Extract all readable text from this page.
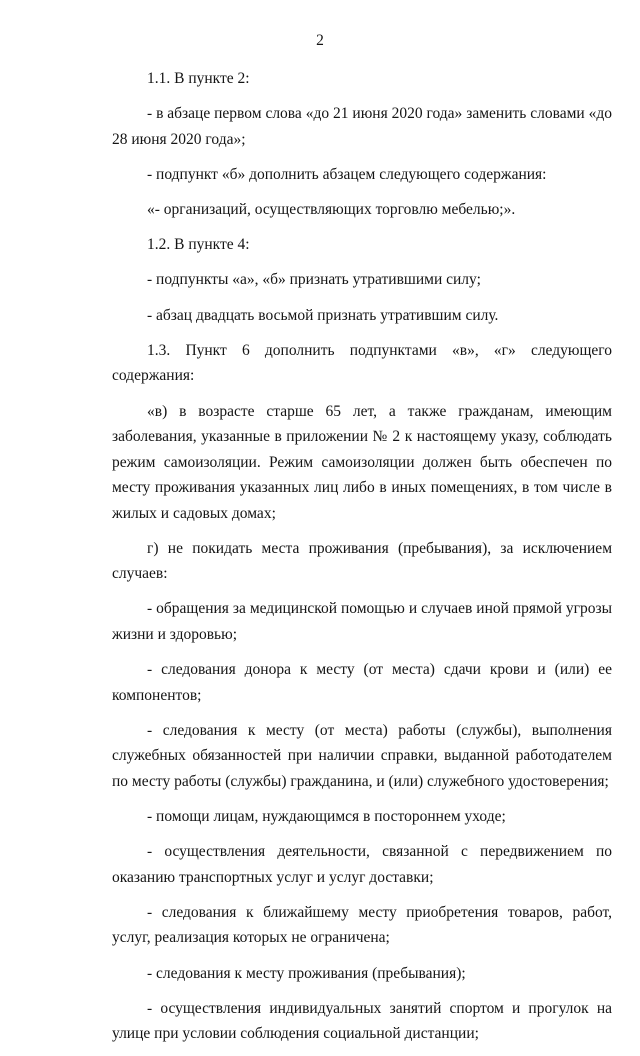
2

1.1. В пункте 2:

- в абзаце первом слова «до 21 июня 2020 года» заменить словами «до 28 июня 2020 года»;

- подпункт «б» дополнить абзацем следующего содержания:

«- организаций, осуществляющих торговлю мебелью;».

1.2. В пункте 4:

- подпункты «а», «б» признать утратившими силу;

- абзац двадцать восьмой признать утратившим силу.

1.3. Пункт 6 дополнить подпунктами «в», «г» следующего содержания:

«в) в возрасте старше 65 лет, а также гражданам, имеющим заболевания, указанные в приложении № 2 к настоящему указу, соблюдать режим самоизоляции. Режим самоизоляции должен быть обеспечен по месту проживания указанных лиц либо в иных помещениях, в том числе в жилых и садовых домах;

г) не покидать места проживания (пребывания), за исключением случаев:

- обращения за медицинской помощью и случаев иной прямой угрозы жизни и здоровью;

- следования донора к месту (от места) сдачи крови и (или) ее компонентов;

- следования к месту (от места) работы (службы), выполнения служебных обязанностей при наличии справки, выданной работодателем по месту работы (службы) гражданина, и (или) служебного удостоверения;

- помощи лицам, нуждающимся в постороннем уходе;

- осуществления деятельности, связанной с передвижением по оказанию транспортных услуг и услуг доставки;

- следования к ближайшему месту приобретения товаров, работ, услуг, реализация которых не ограничена;

- следования к месту проживания (пребывания);

- осуществления индивидуальных занятий спортом и прогулок на улице при условии соблюдения социальной дистанции;
